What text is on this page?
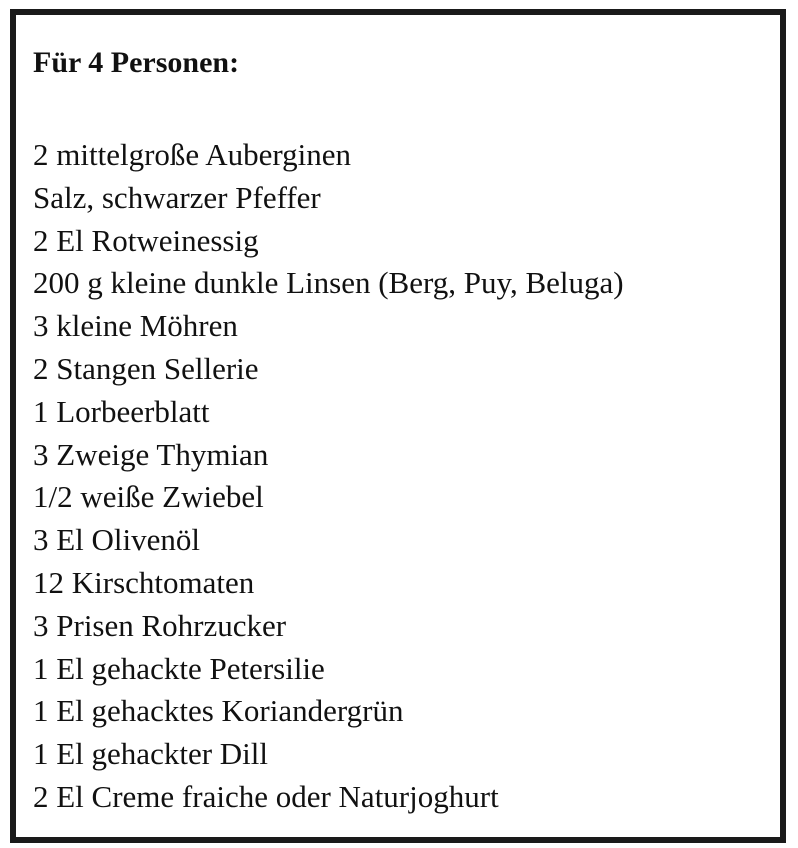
Für 4 Personen:
2 mittelgroße Auberginen
Salz, schwarzer Pfeffer
2 El Rotweinessig
200 g kleine dunkle Linsen (Berg, Puy, Beluga)
3 kleine Möhren
2 Stangen Sellerie
1 Lorbeerblatt
3 Zweige Thymian
1/2 weiße Zwiebel
3 El Olivenöl
12 Kirschtomaten
3 Prisen Rohrzucker
1 El gehackte Petersilie
1 El gehacktes Koriandergrün
1 El gehackter Dill
2 El Creme fraiche oder Naturjoghurt
